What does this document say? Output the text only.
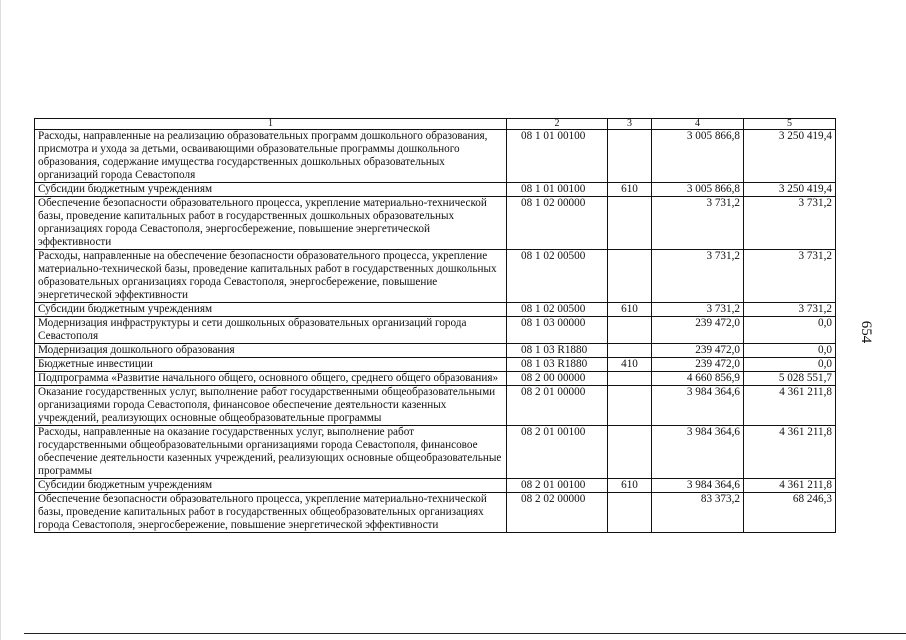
1	2	3	4	5
Расходы, направленные на реализацию образовательных программ дошкольного образования, присмотра и ухода за детьми, осваивающими образовательные программы дошкольного образования, содержание имущества государственных дошкольных образовательных организаций города Севастополя	08 1 01 00100		3 005 866,8	3 250 419,4
Субсидии бюджетным учреждениям	08 1 01 00100	610	3 005 866,8	3 250 419,4
Обеспечение безопасности образовательного процесса, укрепление материально-технической базы, проведение капитальных работ в государственных дошкольных образовательных организациях города Севастополя, энергосбережение, повышение энергетической эффективности	08 1 02 00000		3 731,2	3 731,2
Расходы, направленные на обеспечение безопасности образовательного процесса, укрепление материально-технической базы, проведение капитальных работ в государственных дошкольных образовательных организациях города Севастополя, энергосбережение, повышение энергетической эффективности	08 1 02 00500		3 731,2	3 731,2
Субсидии бюджетным учреждениям	08 1 02 00500	610	3 731,2	3 731,2
Модернизация инфраструктуры и сети дошкольных образовательных организаций города Севастополя	08 1 03 00000		239 472,0	0,0
Модернизация дошкольного образования	08 1 03 R1880		239 472,0	0,0
Бюджетные инвестиции	08 1 03 R1880	410	239 472,0	0,0
Подпрограмма «Развитие начального общего, основного общего, среднего общего образования»	08 2 00 00000		4 660 856,9	5 028 551,7
Оказание государственных услуг, выполнение работ государственными общеобразовательными организациями города Севастополя, финансовое обеспечение деятельности казенных учреждений, реализующих основные общеобразовательные программы	08 2 01 00000		3 984 364,6	4 361 211,8
Расходы, направленные на оказание государственных услуг, выполнение работ государственными общеобразовательными организациями города Севастополя, финансовое обеспечение деятельности казенных учреждений, реализующих основные общеобразовательные программы	08 2 01 00100		3 984 364,6	4 361 211,8
Субсидии бюджетным учреждениям	08 2 01 00100	610	3 984 364,6	4 361 211,8
Обеспечение безопасности образовательного процесса, укрепление материально-технической базы, проведение капитальных работ в государственных общеобразовательных организациях города Севастополя, энергосбережение, повышение энергетической эффективности	08 2 02 00000		83 373,2	68 246,3
654
